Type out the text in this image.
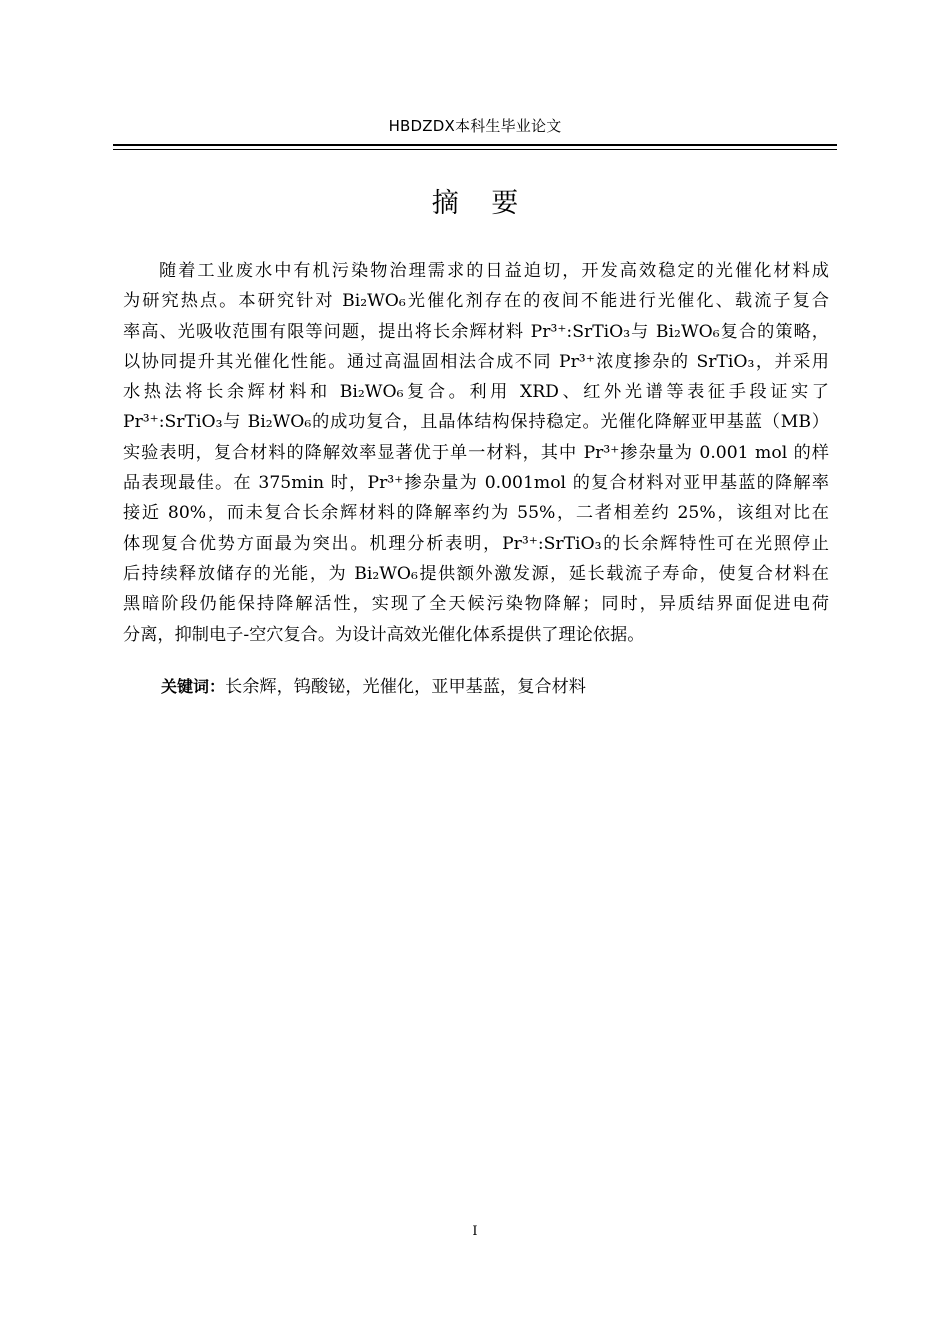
HBDZDX本科生毕业论文
摘 要
随着工业废水中有机污染物治理需求的日益迫切，开发高效稳定的光催化材料成
为研究热点。本研究针对 Bi₂WO₆光催化剂存在的夜间不能进行光催化、载流子复合
率高、光吸收范围有限等问题，提出将长余辉材料 Pr³⁺:SrTiO₃与 Bi₂WO₆复合的策略，
以协同提升其光催化性能。通过高温固相法合成不同 Pr³⁺浓度掺杂的 SrTiO₃，并采用
水热法将长余辉材料和 Bi₂WO₆复合。利用 XRD、红外光谱等表征手段证实了
Pr³⁺:SrTiO₃与 Bi₂WO₆的成功复合，且晶体结构保持稳定。光催化降解亚甲基蓝（MB）
实验表明，复合材料的降解效率显著优于单一材料，其中 Pr³⁺掺杂量为 0.001 mol 的样
品表现最佳。在 375min 时，Pr³⁺掺杂量为 0.001mol 的复合材料对亚甲基蓝的降解率
接近 80%，而未复合长余辉材料的降解率约为 55%，二者相差约 25%，该组对比在
体现复合优势方面最为突出。机理分析表明，Pr³⁺:SrTiO₃的长余辉特性可在光照停止
后持续释放储存的光能，为 Bi₂WO₆提供额外激发源，延长载流子寿命，使复合材料在
黑暗阶段仍能保持降解活性，实现了全天候污染物降解；同时，异质结界面促进电荷
分离，抑制电子-空穴复合。为设计高效光催化体系提供了理论依据。
关键词：长余辉，钨酸铋，光催化，亚甲基蓝，复合材料
I
